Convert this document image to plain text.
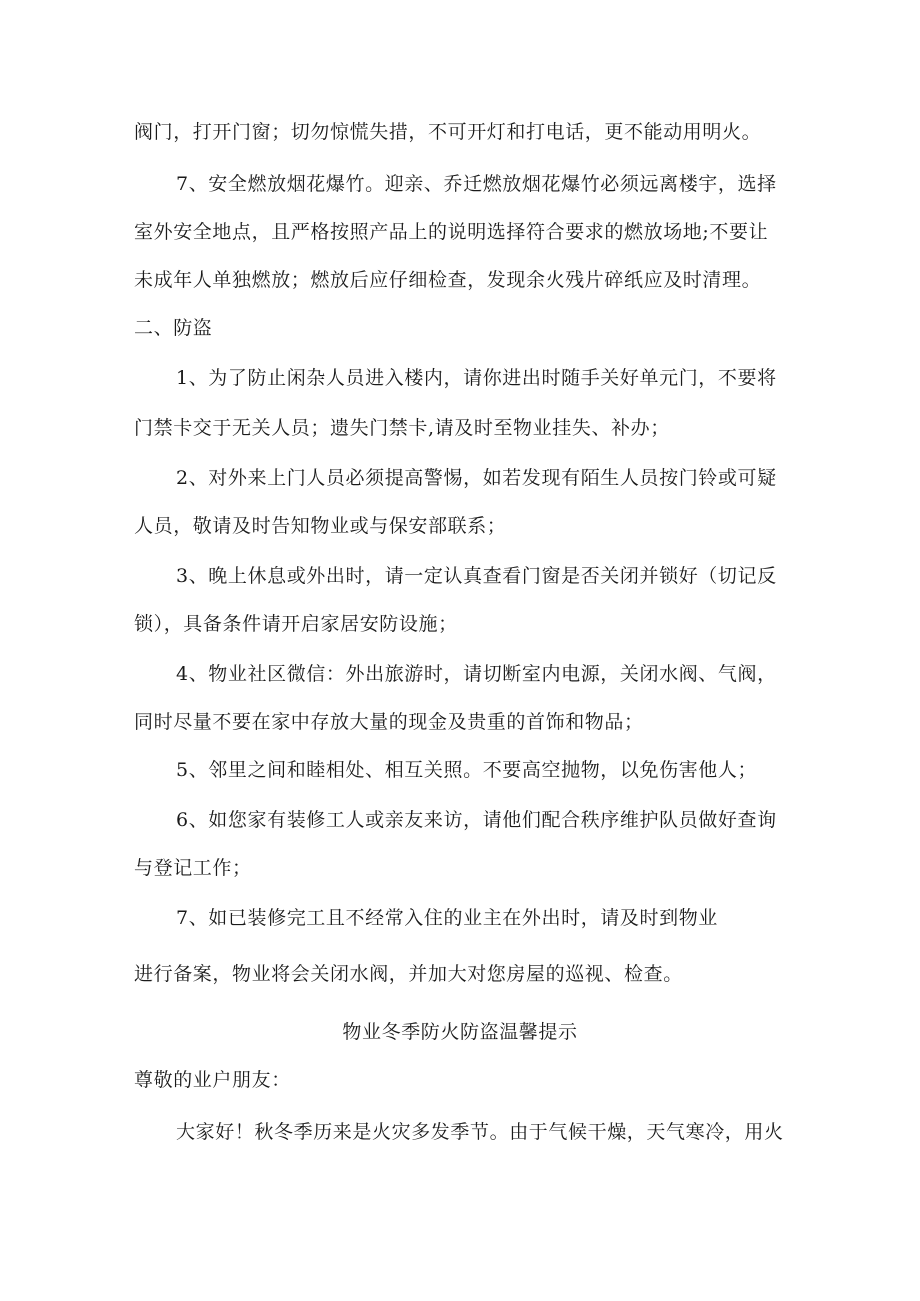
阀门，打开门窗；切勿惊慌失措，不可开灯和打电话，更不能动用明火。
7、安全燃放烟花爆竹。迎亲、乔迁燃放烟花爆竹必须远离楼宇，选择
室外安全地点，且严格按照产品上的说明选择符合要求的燃放场地;不要让
未成年人单独燃放；燃放后应仔细检查，发现余火残片碎纸应及时清理。
二、防盗
1、为了防止闲杂人员进入楼内，请你进出时随手关好单元门，不要将
门禁卡交于无关人员；遗失门禁卡,请及时至物业挂失、补办；
2、对外来上门人员必须提高警惕，如若发现有陌生人员按门铃或可疑
人员，敬请及时告知物业或与保安部联系；
3、晚上休息或外出时，请一定认真查看门窗是否关闭并锁好（切记反
锁），具备条件请开启家居安防设施；
4、物业社区微信：外出旅游时，请切断室内电源，关闭水阀、气阀，
同时尽量不要在家中存放大量的现金及贵重的首饰和物品；
5、邻里之间和睦相处、相互关照。不要高空抛物，以免伤害他人；
6、如您家有装修工人或亲友来访，请他们配合秩序维护队员做好查询
与登记工作；
7、如已装修完工且不经常入住的业主在外出时，请及时到物业
进行备案，物业将会关闭水阀，并加大对您房屋的巡视、检查。
物业冬季防火防盗温馨提示
尊敬的业户朋友：
大家好！秋冬季历来是火灾多发季节。由于气候干燥，天气寒冷，用火
